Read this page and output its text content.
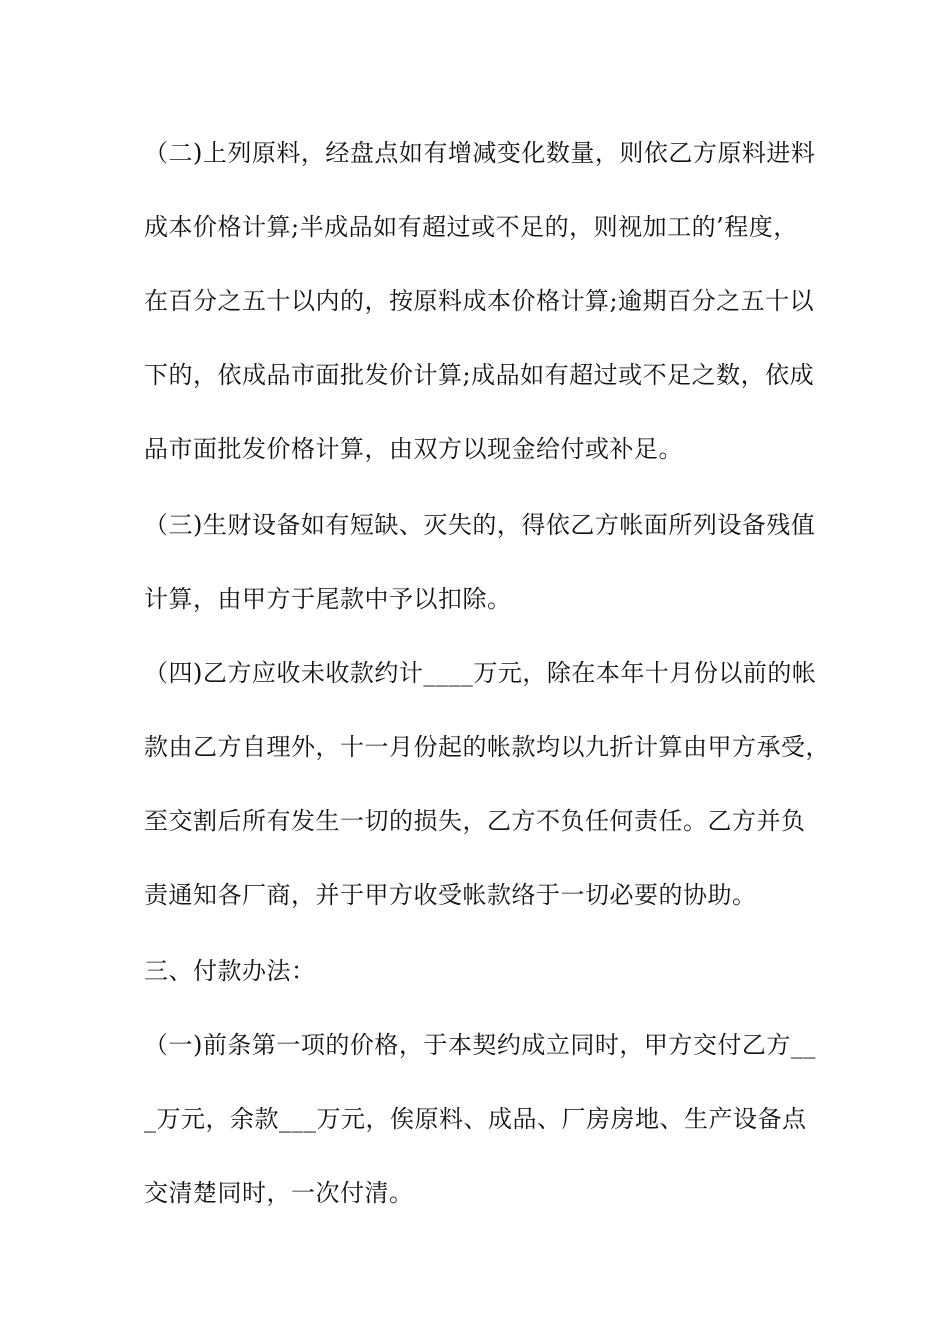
（二)上列原料，经盘点如有增减变化数量，则依乙方原料进料
成本价格计算;半成品如有超过或不足的，则视加工的’程度，
在百分之五十以内的，按原料成本价格计算;逾期百分之五十以
下的，依成品市面批发价计算;成品如有超过或不足之数，依成
品市面批发价格计算，由双方以现金给付或补足。
（三)生财设备如有短缺、灭失的，得依乙方帐面所列设备残值
计算，由甲方于尾款中予以扣除。
（四)乙方应收未收款约计____万元，除在本年十月份以前的帐
款由乙方自理外，十一月份起的帐款均以九折计算由甲方承受，
至交割后所有发生一切的损失，乙方不负任何责任。乙方并负
责通知各厂商，并于甲方收受帐款络于一切必要的协助。
三、付款办法：
（一)前条第一项的价格，于本契约成立同时，甲方交付乙方__
_万元，余款___万元，俟原料、成品、厂房房地、生产设备点
交清楚同时，一次付清。
